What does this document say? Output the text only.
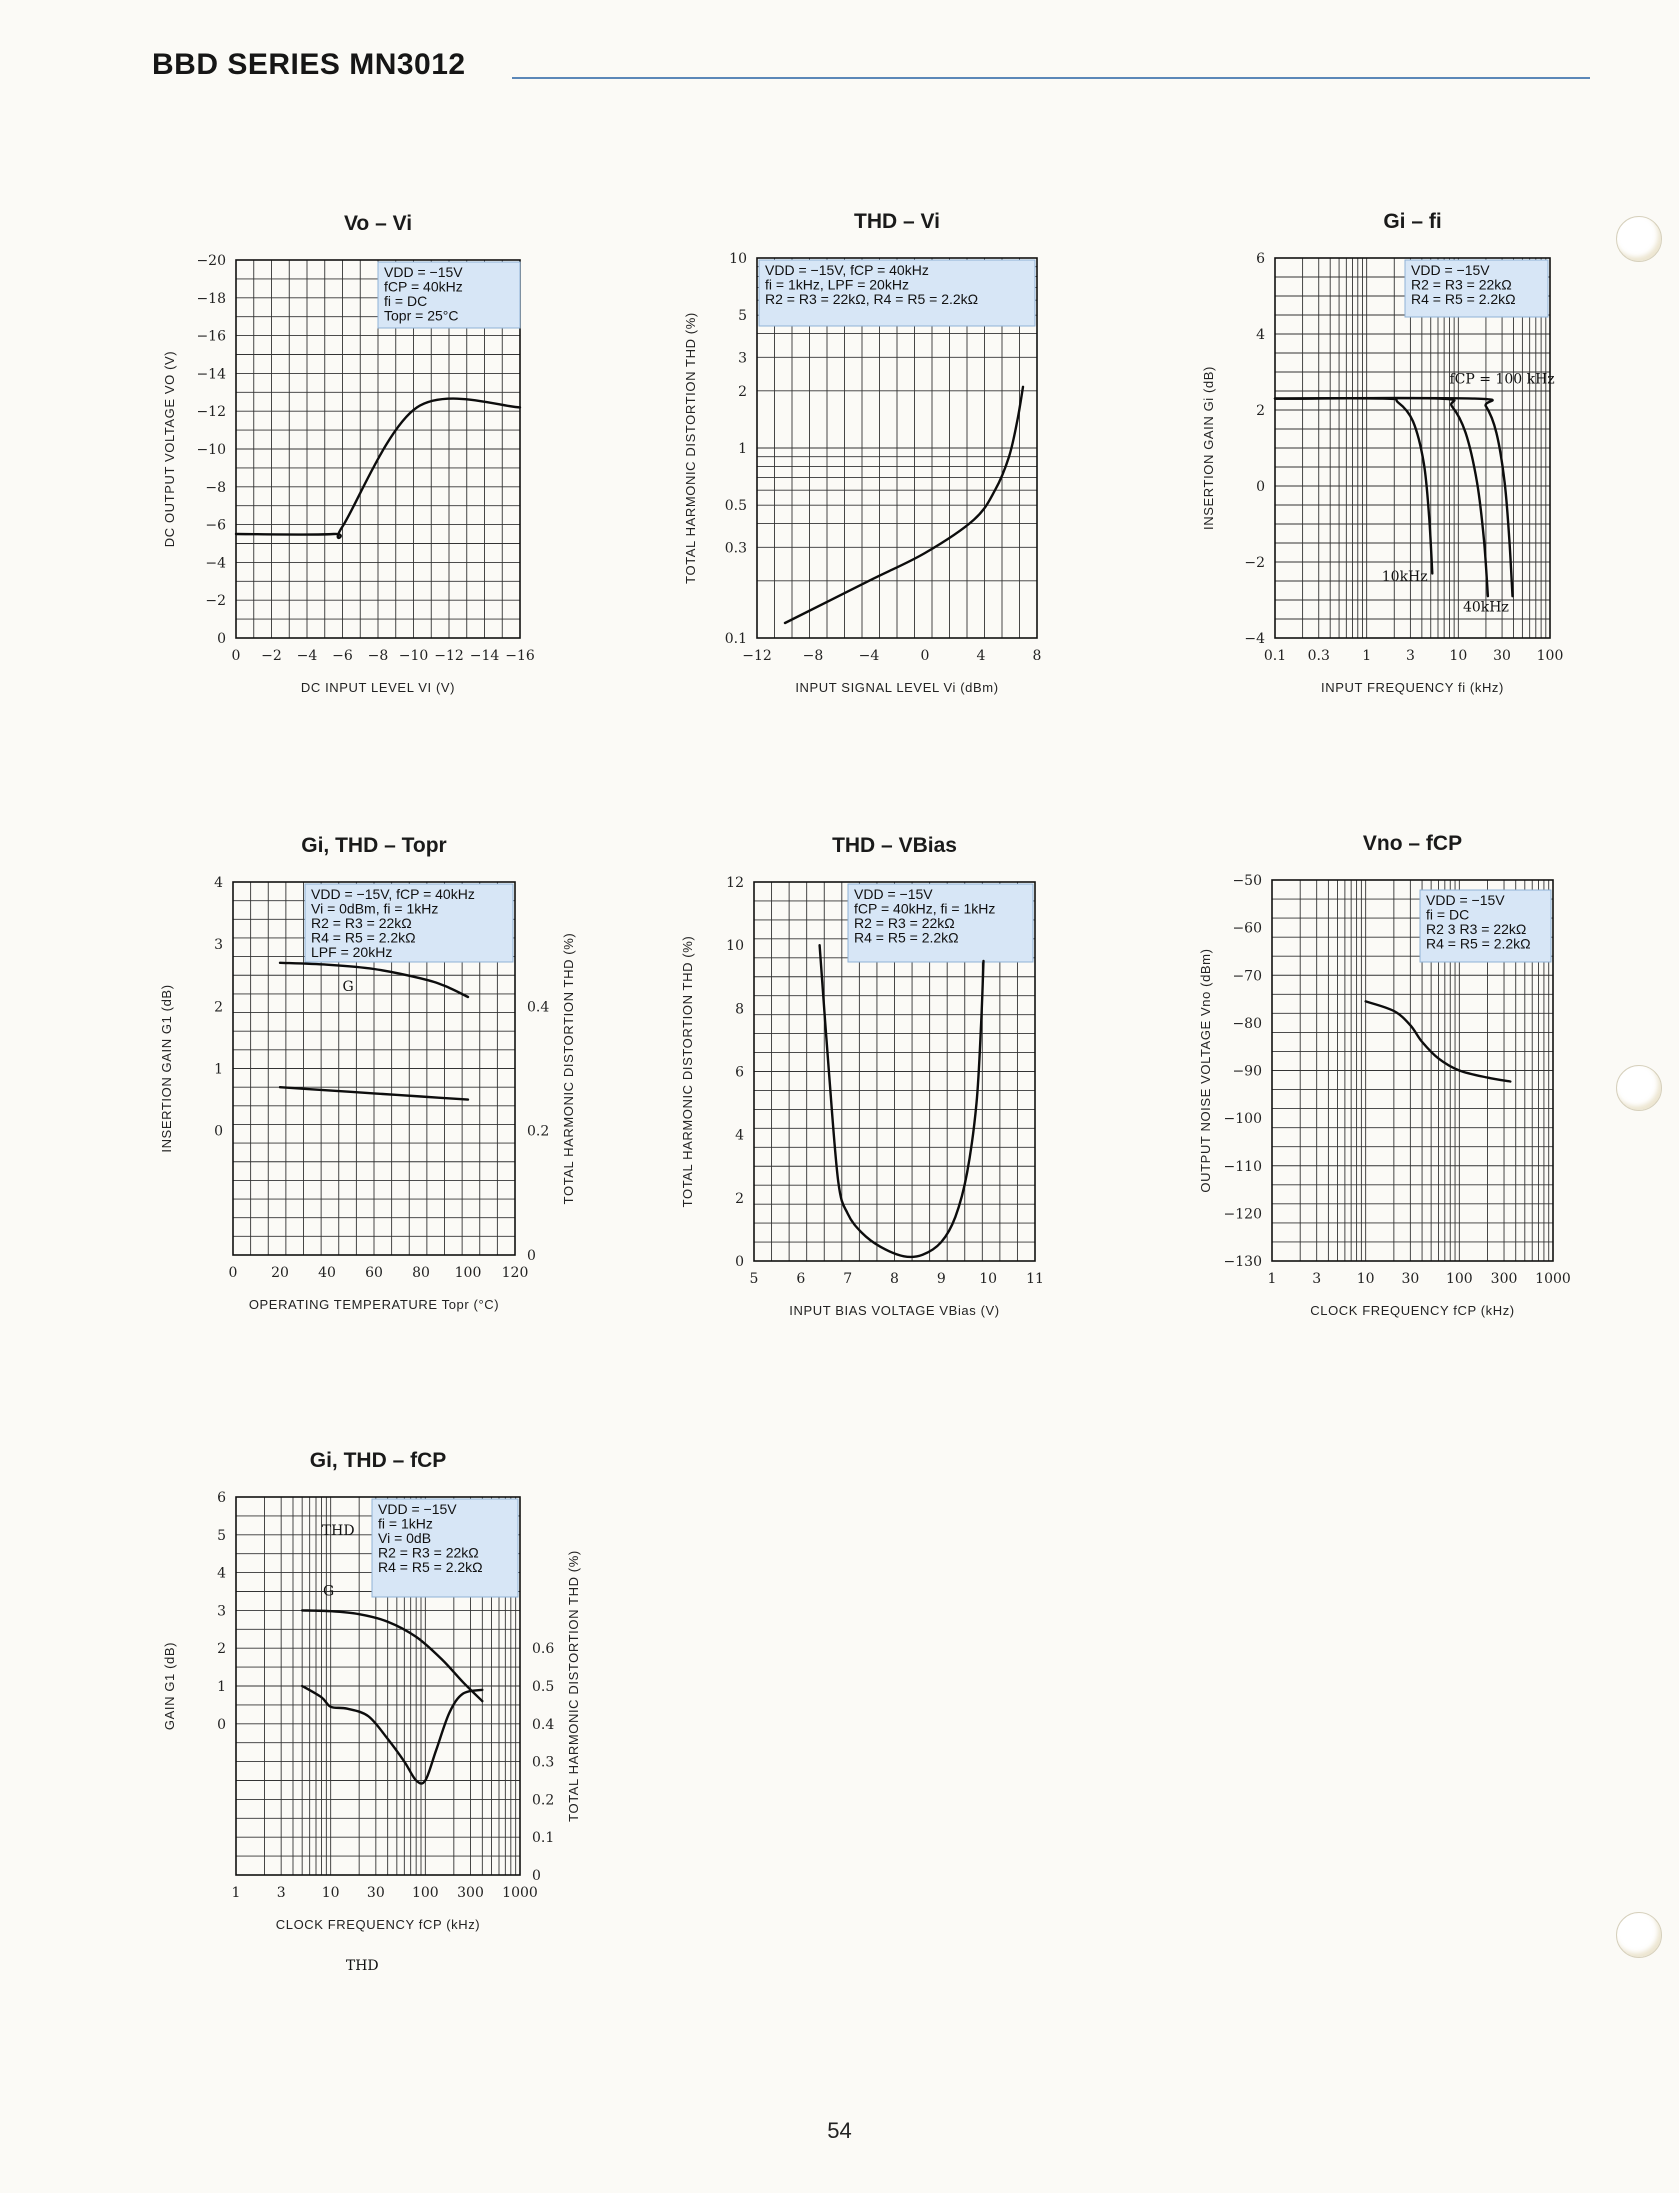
BBD SERIES MN3012
Vo – Vi
0 −2 −4 −6 −8 −10 −12 −14 −16
0
−2
−4
−6
−8
−10
−12
−14
−16
−18
−20
DC INPUT LEVEL VI (V)
DC OUTPUT VOLTAGE VO (V)
VDD = −15V
fCP = 40kHz
fi = DC
Topr = 25°C
THD – Vi
−12 −8	−4	0	4	8
0.1
0.3
0.5
1
2
3
5
10
INPUT SIGNAL LEVEL Vi (dBm)
TOTAL HARMONIC DISTORTION THD (%)
VDD = −15V, fCP = 40kHz
fi = 1kHz, LPF = 20kHz
R2 = R3 = 22kΩ, R4 = R5 = 2.2kΩ
Gi – fi
0.1 0.3 1 3 10 30 100
−4
−2
0
2
4
6
INPUT FREQUENCY fi (kHz)
INSERTION GAIN Gi (dB)
VDD = −15V
R2 = R3 = 22kΩ
R4 = R5 = 2.2kΩ
fCP = 100 kHz
10kHz
40kHz
Gi, THD – Topr
0 20 40 60 80 100 120
0
1
2
3
4
0
0.2
0.4
OPERATING TEMPERATURE Topr (°C)
INSERTION GAIN G1 (dB)	TOTAL HARMONIC DISTORTION THD (%)
VDD = −15V, fCP = 40kHz
Vi = 0dBm, fi = 1kHz
R2 = R3 = 22kΩ
R4 = R5 = 2.2kΩ
LPF = 20kHz
G
THD
THD – VBias
5	6	7	8	9 10 11
0
2
4
6
8
10
12
INPUT BIAS VOLTAGE VBias (V)
TOTAL HARMONIC DISTORTION THD (%)
VDD = −15V
fCP = 40kHz, fi = 1kHz
R2 = R3 = 22kΩ
R4 = R5 = 2.2kΩ
Vno – fCP
1	3	10 30 100 300 1000
−130
−120
−110
−100
−90
−80
−70
−60
−50
CLOCK FREQUENCY fCP (kHz)
OUTPUT NOISE VOLTAGE Vno (dBm)
VDD = −15V
fi = DC
R2 3 R3 = 22kΩ
R4 = R5 = 2.2kΩ
Gi, THD – fCP
1	3	10 30 100 300 1000
0
1
2
3
4
5
6
0
0.1
0.2
0.3
0.4
0.5
0.6
CLOCK FREQUENCY fCP (kHz)
GAIN G1 (dB)	TOTAL HARMONIC DISTORTION THD (%)
VDD = −15V
fi = 1kHz
Vi = 0dB
R2 = R3 = 22kΩ
R4 = R5 = 2.2kΩ
G
THD
54
